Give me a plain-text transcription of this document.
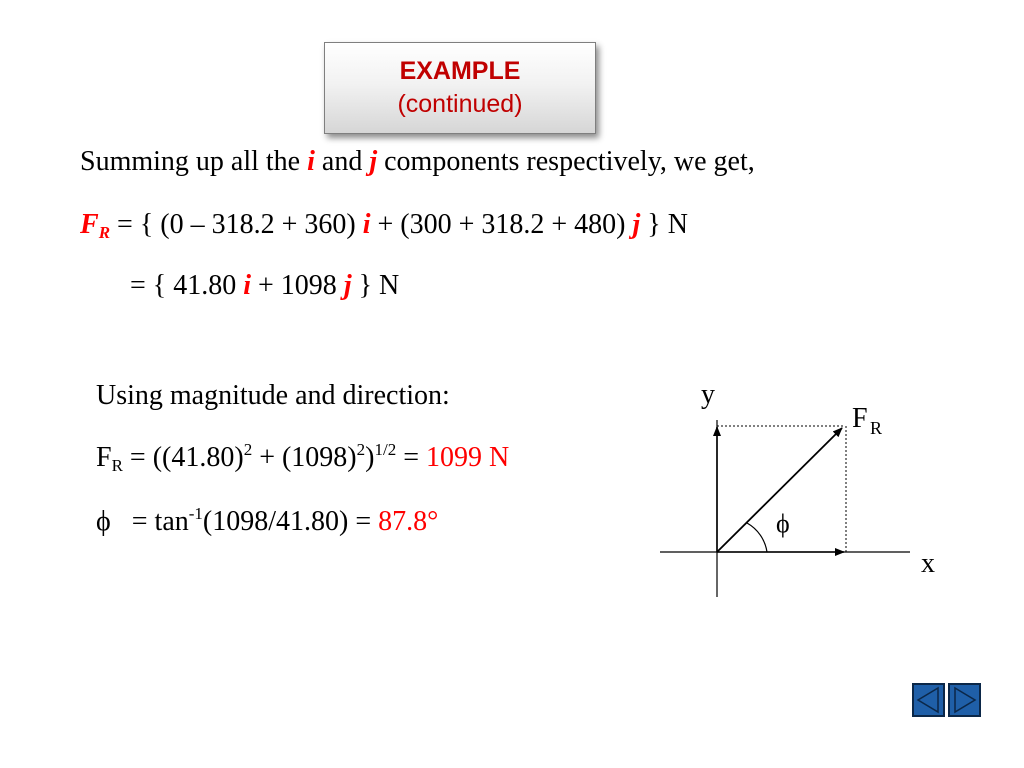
EXAMPLE
(continued)
Summing up all the i and j components respectively, we get,
$F_R$ = { (0 – 318.2 + 360) i + (300 + 318.2 + 480) j } N
= { 41.80 i + 1098 j } N
Using magnitude and direction:
$F_R = ((41.80)^2 + (1098)^2)^{1/2} = 1099$ N
$\phi = \tan^{-1}(1098/41.80) = 87.8^\circ$
y
x
F R
ϕ
